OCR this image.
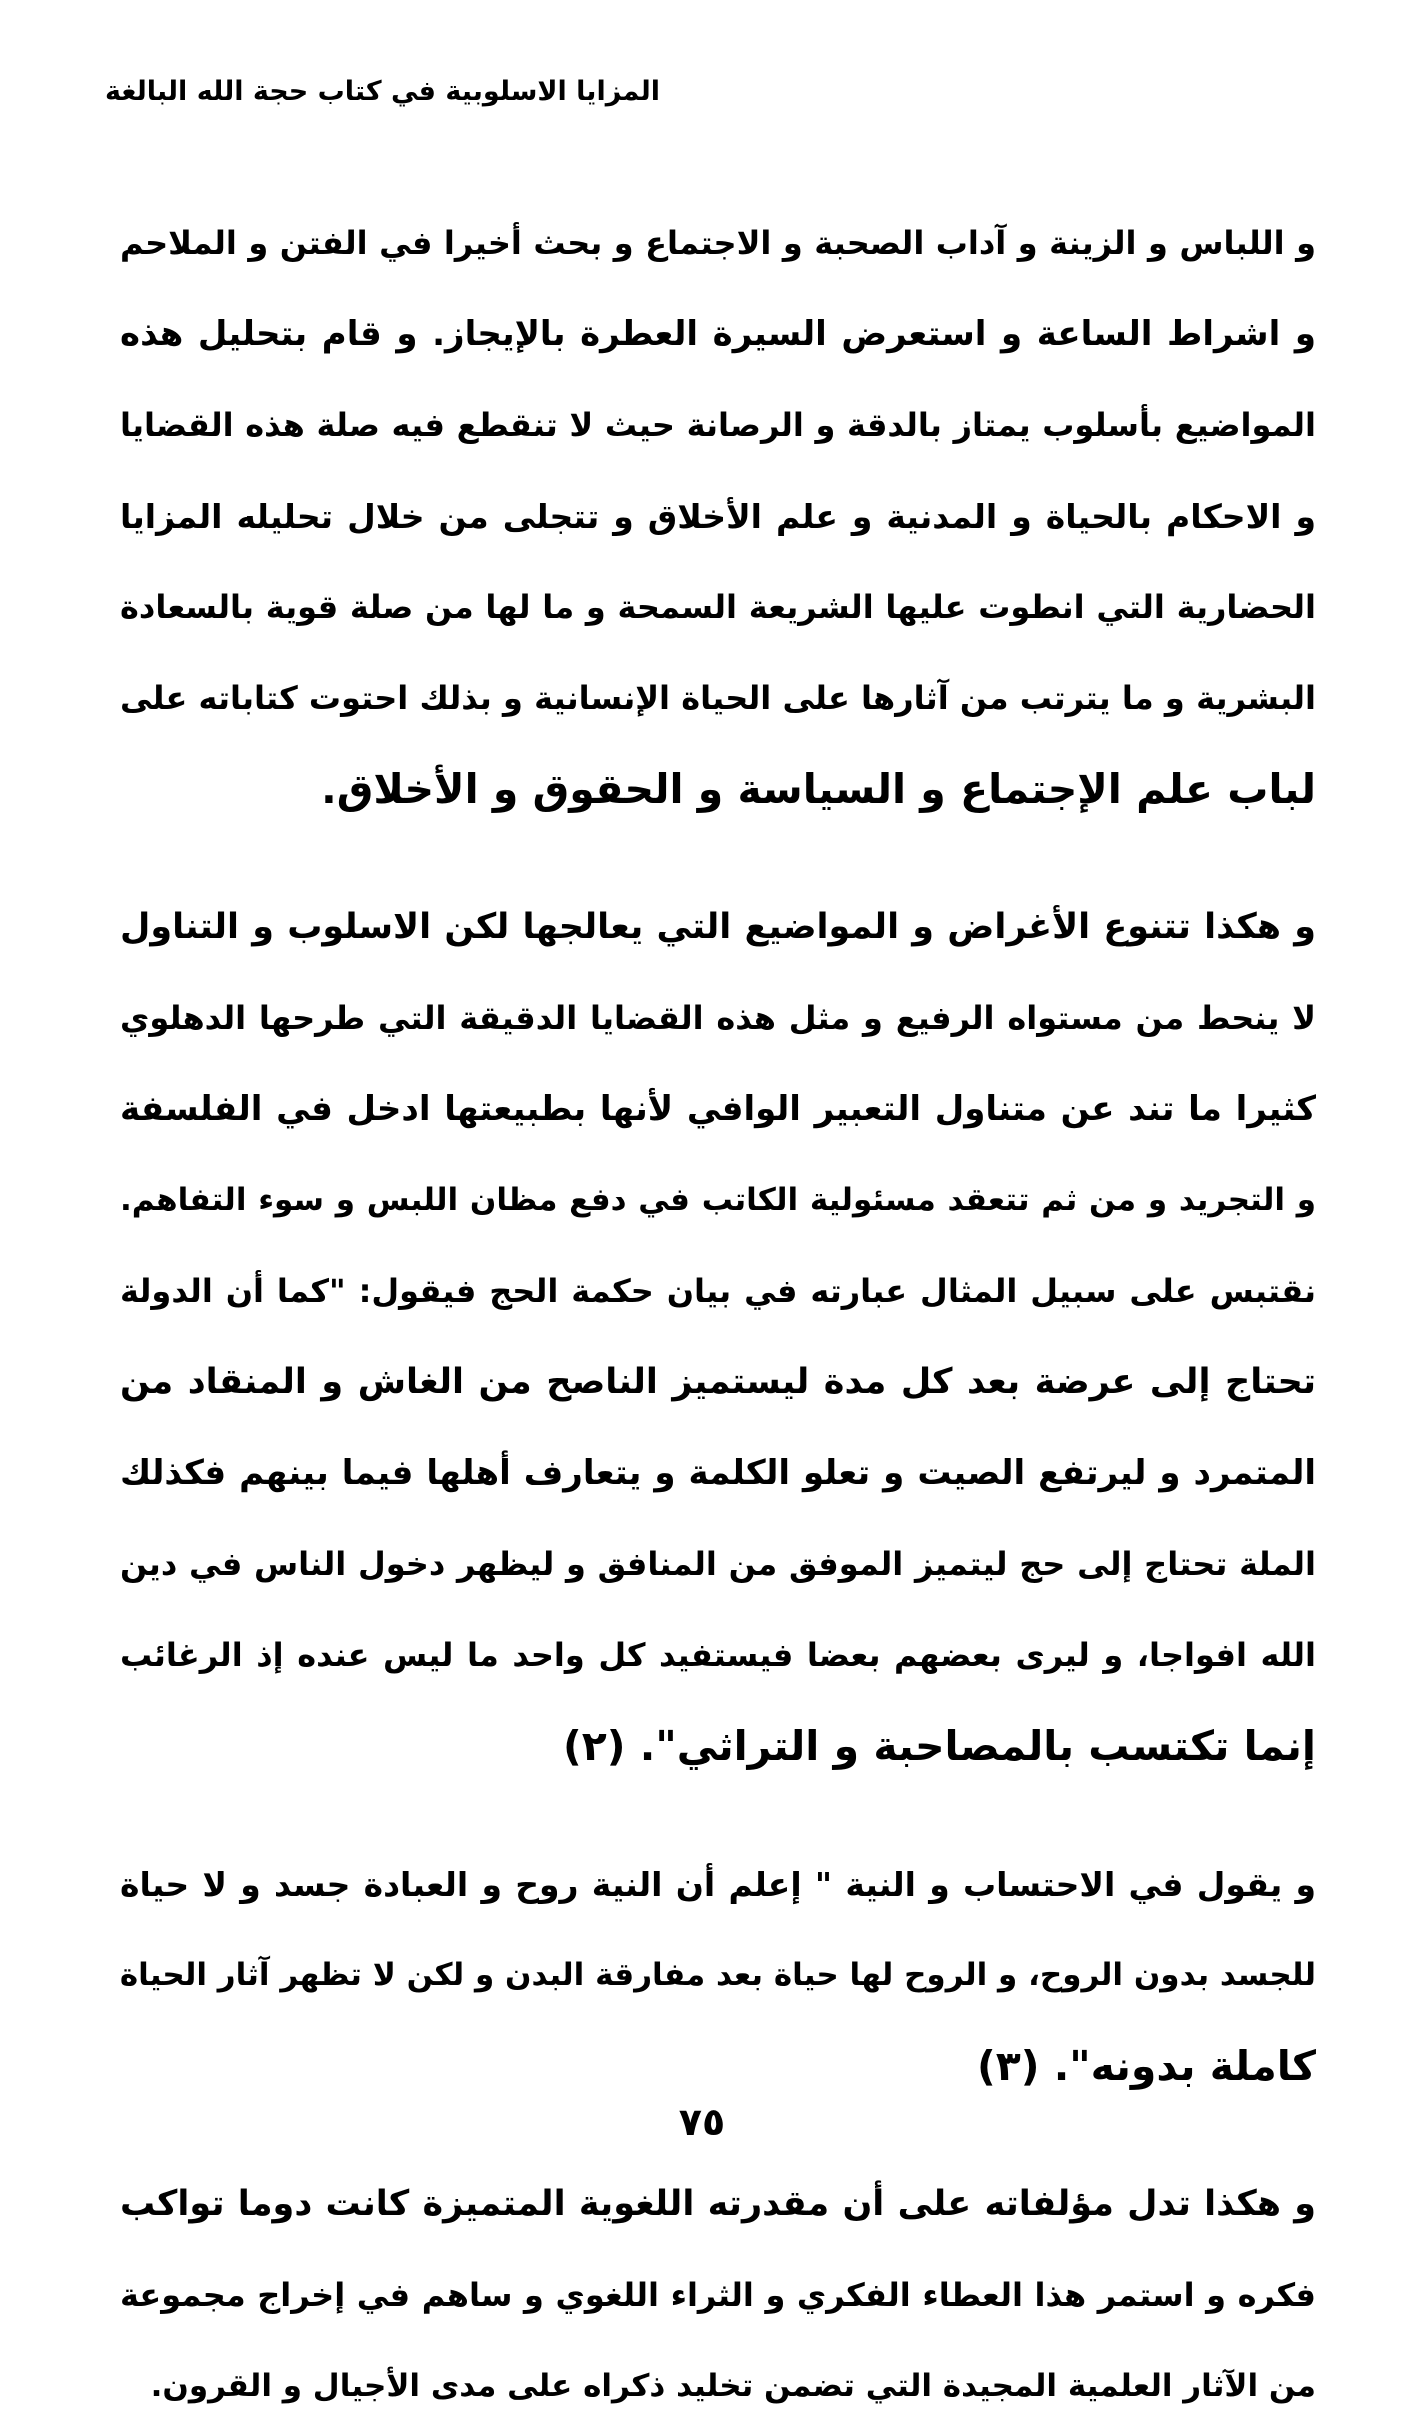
المزايا الاسلوبية في كتاب حجة الله البالغة
و اللباس و الزينة و آداب الصحبة و الاجتماع و بحث أخيرا في الفتن و الملاحم
و اشراط الساعة و استعرض السيرة العطرة بالإيجاز. و قام بتحليل هذه
المواضيع بأسلوب يمتاز بالدقة و الرصانة حيث لا تنقطع فيه صلة هذه القضايا
و الاحكام بالحياة و المدنية و علم الأخلاق و تتجلى من خلال تحليله المزايا
الحضارية التي انطوت عليها الشريعة السمحة و ما لها من صلة قوية بالسعادة
البشرية و ما يترتب من آثارها على الحياة الإنسانية و بذلك احتوت كتاباته على
لباب علم الإجتماع و السياسة و الحقوق و الأخلاق.
و هكذا تتنوع الأغراض و المواضيع التي يعالجها لكن الاسلوب و التناول
لا ينحط من مستواه الرفيع و مثل هذه القضايا الدقيقة التي طرحها الدهلوي
كثيرا ما تند عن متناول التعبير الوافي لأنها بطبيعتها ادخل في الفلسفة
و التجريد و من ثم تتعقد مسئولية الكاتب في دفع مظان اللبس و سوء التفاهم.
نقتبس على سبيل المثال عبارته في بيان حكمة الحج فيقول: "كما أن الدولة
تحتاج إلى عرضة بعد كل مدة ليستميز الناصح من الغاش و المنقاد من
المتمرد و ليرتفع الصيت و تعلو الكلمة و يتعارف أهلها فيما بينهم فكذلك
الملة تحتاج إلى حج ليتميز الموفق من المنافق و ليظهر دخول الناس في دين
الله افواجا، و ليرى بعضهم بعضا فيستفيد كل واحد ما ليس عنده إذ الرغائب
إنما تكتسب بالمصاحبة و التراثي". (٢)
و يقول في الاحتساب و النية " إعلم أن النية روح و العبادة جسد و لا حياة
للجسد بدون الروح، و الروح لها حياة بعد مفارقة البدن و لكن لا تظهر آثار الحياة
كاملة بدونه". (٣)
و هكذا تدل مؤلفاته على أن مقدرته اللغوية المتميزة كانت دوما تواكب
فكره و استمر هذا العطاء الفكري و الثراء اللغوي و ساهم في إخراج مجموعة
من الآثار العلمية المجيدة التي تضمن تخليد ذكراه على مدى الأجيال و القرون.
٧٥
